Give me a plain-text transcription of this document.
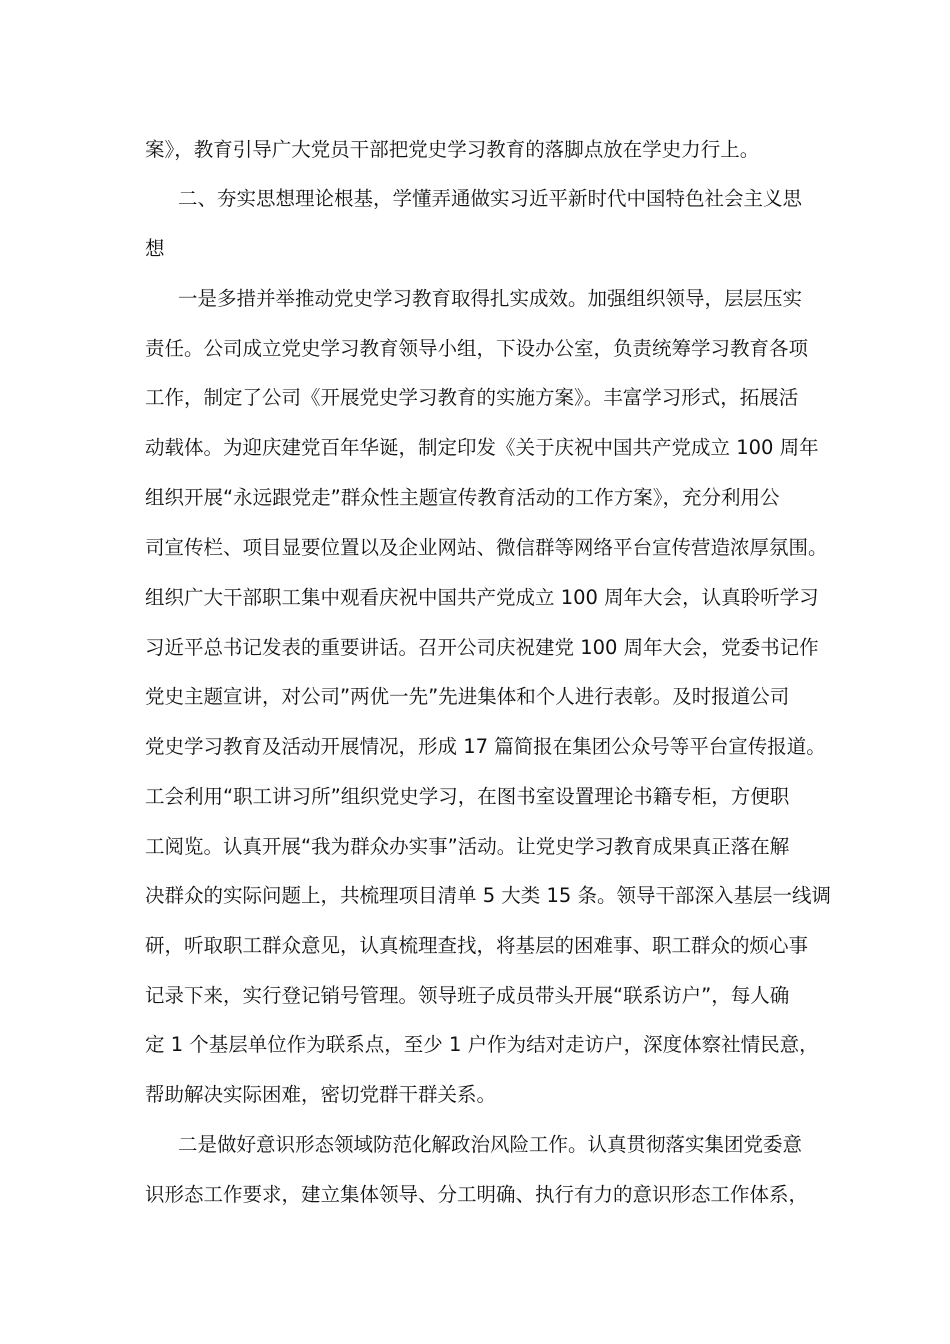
案》，教育引导广大党员干部把党史学习教育的落脚点放在学史力行上。
二、夯实思想理论根基，学懂弄通做实习近平新时代中国特色社会主义思
想
一是多措并举推动党史学习教育取得扎实成效。加强组织领导，层层压实
责任。公司成立党史学习教育领导小组，下设办公室，负责统筹学习教育各项
工作，制定了公司《开展党史学习教育的实施方案》。丰富学习形式，拓展活
动载体。为迎庆建党百年华诞，制定印发《关于庆祝中国共产党成立 100 周年
组织开展“永远跟党走”群众性主题宣传教育活动的工作方案》，充分利用公
司宣传栏、项目显要位置以及企业网站、微信群等网络平台宣传营造浓厚氛围。
组织广大干部职工集中观看庆祝中国共产党成立 100 周年大会，认真聆听学习
习近平总书记发表的重要讲话。召开公司庆祝建党 100 周年大会，党委书记作
党史主题宣讲，对公司”两优一先”先进集体和个人进行表彰。及时报道公司
党史学习教育及活动开展情况，形成 17 篇简报在集团公众号等平台宣传报道。
工会利用“职工讲习所”组织党史学习，在图书室设置理论书籍专柜，方便职
工阅览。认真开展“我为群众办实事”活动。让党史学习教育成果真正落在解
决群众的实际问题上，共梳理项目清单 5 大类 15 条。领导干部深入基层一线调
研，听取职工群众意见，认真梳理查找，将基层的困难事、职工群众的烦心事
记录下来，实行登记销号管理。领导班子成员带头开展“联系访户”，每人确
定 1 个基层单位作为联系点，至少 1 户作为结对走访户，深度体察社情民意，
帮助解决实际困难，密切党群干群关系。
二是做好意识形态领域防范化解政治风险工作。认真贯彻落实集团党委意
识形态工作要求，建立集体领导、分工明确、执行有力的意识形态工作体系，
